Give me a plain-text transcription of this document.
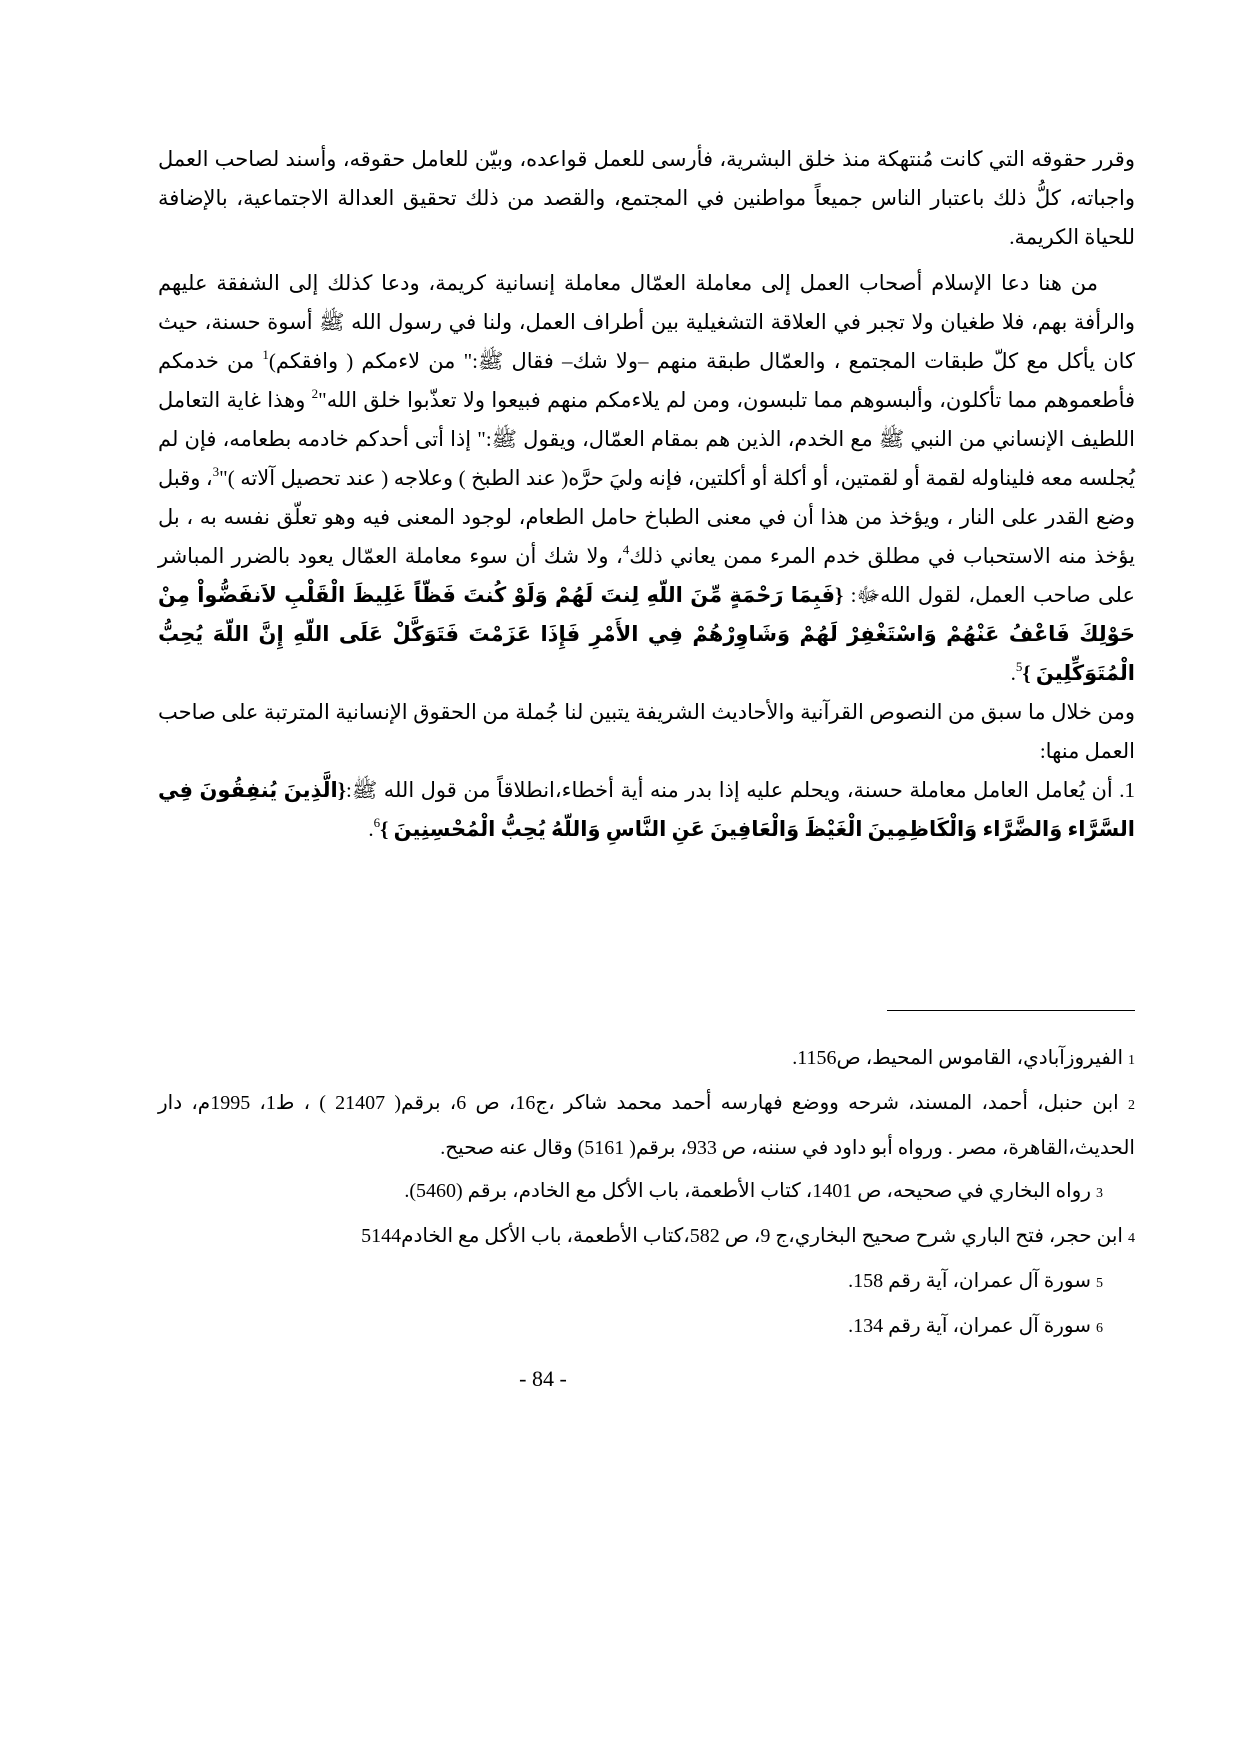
وقرر حقوقه التي كانت مُنتهكة منذ خلق البشرية، فأرسى للعمل قواعده، وبيّن للعامل حقوقه، وأسند لصاحب العمل واجباته، كلُّ ذلك باعتبار الناس جميعاً مواطنين في المجتمع، والقصد من ذلك تحقيق العدالة الاجتماعية، بالإضافة للحياة الكريمة.

من هنا دعا الإسلام أصحاب العمل إلى معاملة العمّال معاملة إنسانية كريمة، ودعا كذلك إلى الشفقة عليهم والرأفة بهم، فلا طغيان ولا تجبر في العلاقة التشغيلية بين أطراف العمل، ولنا في رسول الله ﷺ أسوة حسنة، حيث كان يأكل مع كلّ طبقات المجتمع ، والعمّال طبقة منهم –ولا شك– فقال ﷺ:" من لاءمكم ( وافقكم)$^1$ من خدمكم فأطعموهم مما تأكلون، وألبسوهم مما تلبسون، ومن لم يلاءمكم منهم فبيعوا ولا تعذّبوا خلق الله"$^2$ وهذا غاية التعامل اللطيف الإنساني من النبي ﷺ مع الخدم، الذين هم بمقام العمّال، ويقول ﷺ:" إذا أتى أحدكم خادمه بطعامه، فإن لم يُجلسه معه فليناوله لقمة أو لقمتين، أو أكلة أو أكلتين، فإنه وليَ حرَّه( عند الطبخ ) وعلاجه ( عند تحصيل آلاته )"$^3$، وقبل وضع القدر على النار ، ويؤخذ من هذا أن في معنى الطباخ حامل الطعام، لوجود المعنى فيه وهو تعلّق نفسه به ، بل يؤخذ منه الاستحباب في مطلق خدم المرء ممن يعاني ذلك$^4$، ولا شك أن سوء معاملة العمّال يعود بالضرر المباشر على صاحب العمل، لقول اللهﷻ: {فَبِمَا رَحْمَةٍ مِّنَ اللّهِ لِنتَ لَهُمْ وَلَوْ كُنتَ فَظّاً غَلِيظَ الْقَلْبِ لاَنفَضُّواْ مِنْ حَوْلِكَ فَاعْفُ عَنْهُمْ وَاسْتَغْفِرْ لَهُمْ وَشَاوِرْهُمْ فِي الأَمْرِ فَإِذَا عَزَمْتَ فَتَوَكَّلْ عَلَى اللّهِ إِنَّ اللّهَ يُحِبُّ الْمُتَوَكِّلِينَ }$^5$.

ومن خلال ما سبق من النصوص القرآنية والأحاديث الشريفة يتبين لنا جُملة من الحقوق الإنسانية المترتبة على صاحب العمل منها:

1. أن يُعامل العامل معاملة حسنة، ويحلم عليه إذا بدر منه أية أخطاء،انطلاقاً من قول الله ﷺ:{الَّذِينَ يُنفِقُونَ فِي السَّرَّاء وَالضَّرَّاء وَالْكَاظِمِينَ الْغَيْظَ وَالْعَافِينَ عَنِ النَّاسِ وَاللّهُ يُحِبُّ الْمُحْسِنِينَ }$^6$.

1 الفيروزآبادي، القاموس المحيط، ص1156.

2 ابن حنبل، أحمد، المسند، شرحه ووضع فهارسه أحمد محمد شاكر ،ج16، ص 6، برقم( 21407 ) ، ط1، 1995م، دار الحديث،القاهرة، مصر . ورواه أبو داود في سننه، ص 933، برقم( 5161) وقال عنه صحيح.

3 رواه البخاري في صحيحه، ص 1401، كتاب الأطعمة، باب الأكل مع الخادم، برقم (5460).

4 ابن حجر، فتح الباري شرح صحيح البخاري،ج 9، ص 582،كتاب الأطعمة، باب الأكل مع الخادم5144

5 سورة آل عمران، آية رقم 158.

6 سورة آل عمران، آية رقم 134.

- 84 -
